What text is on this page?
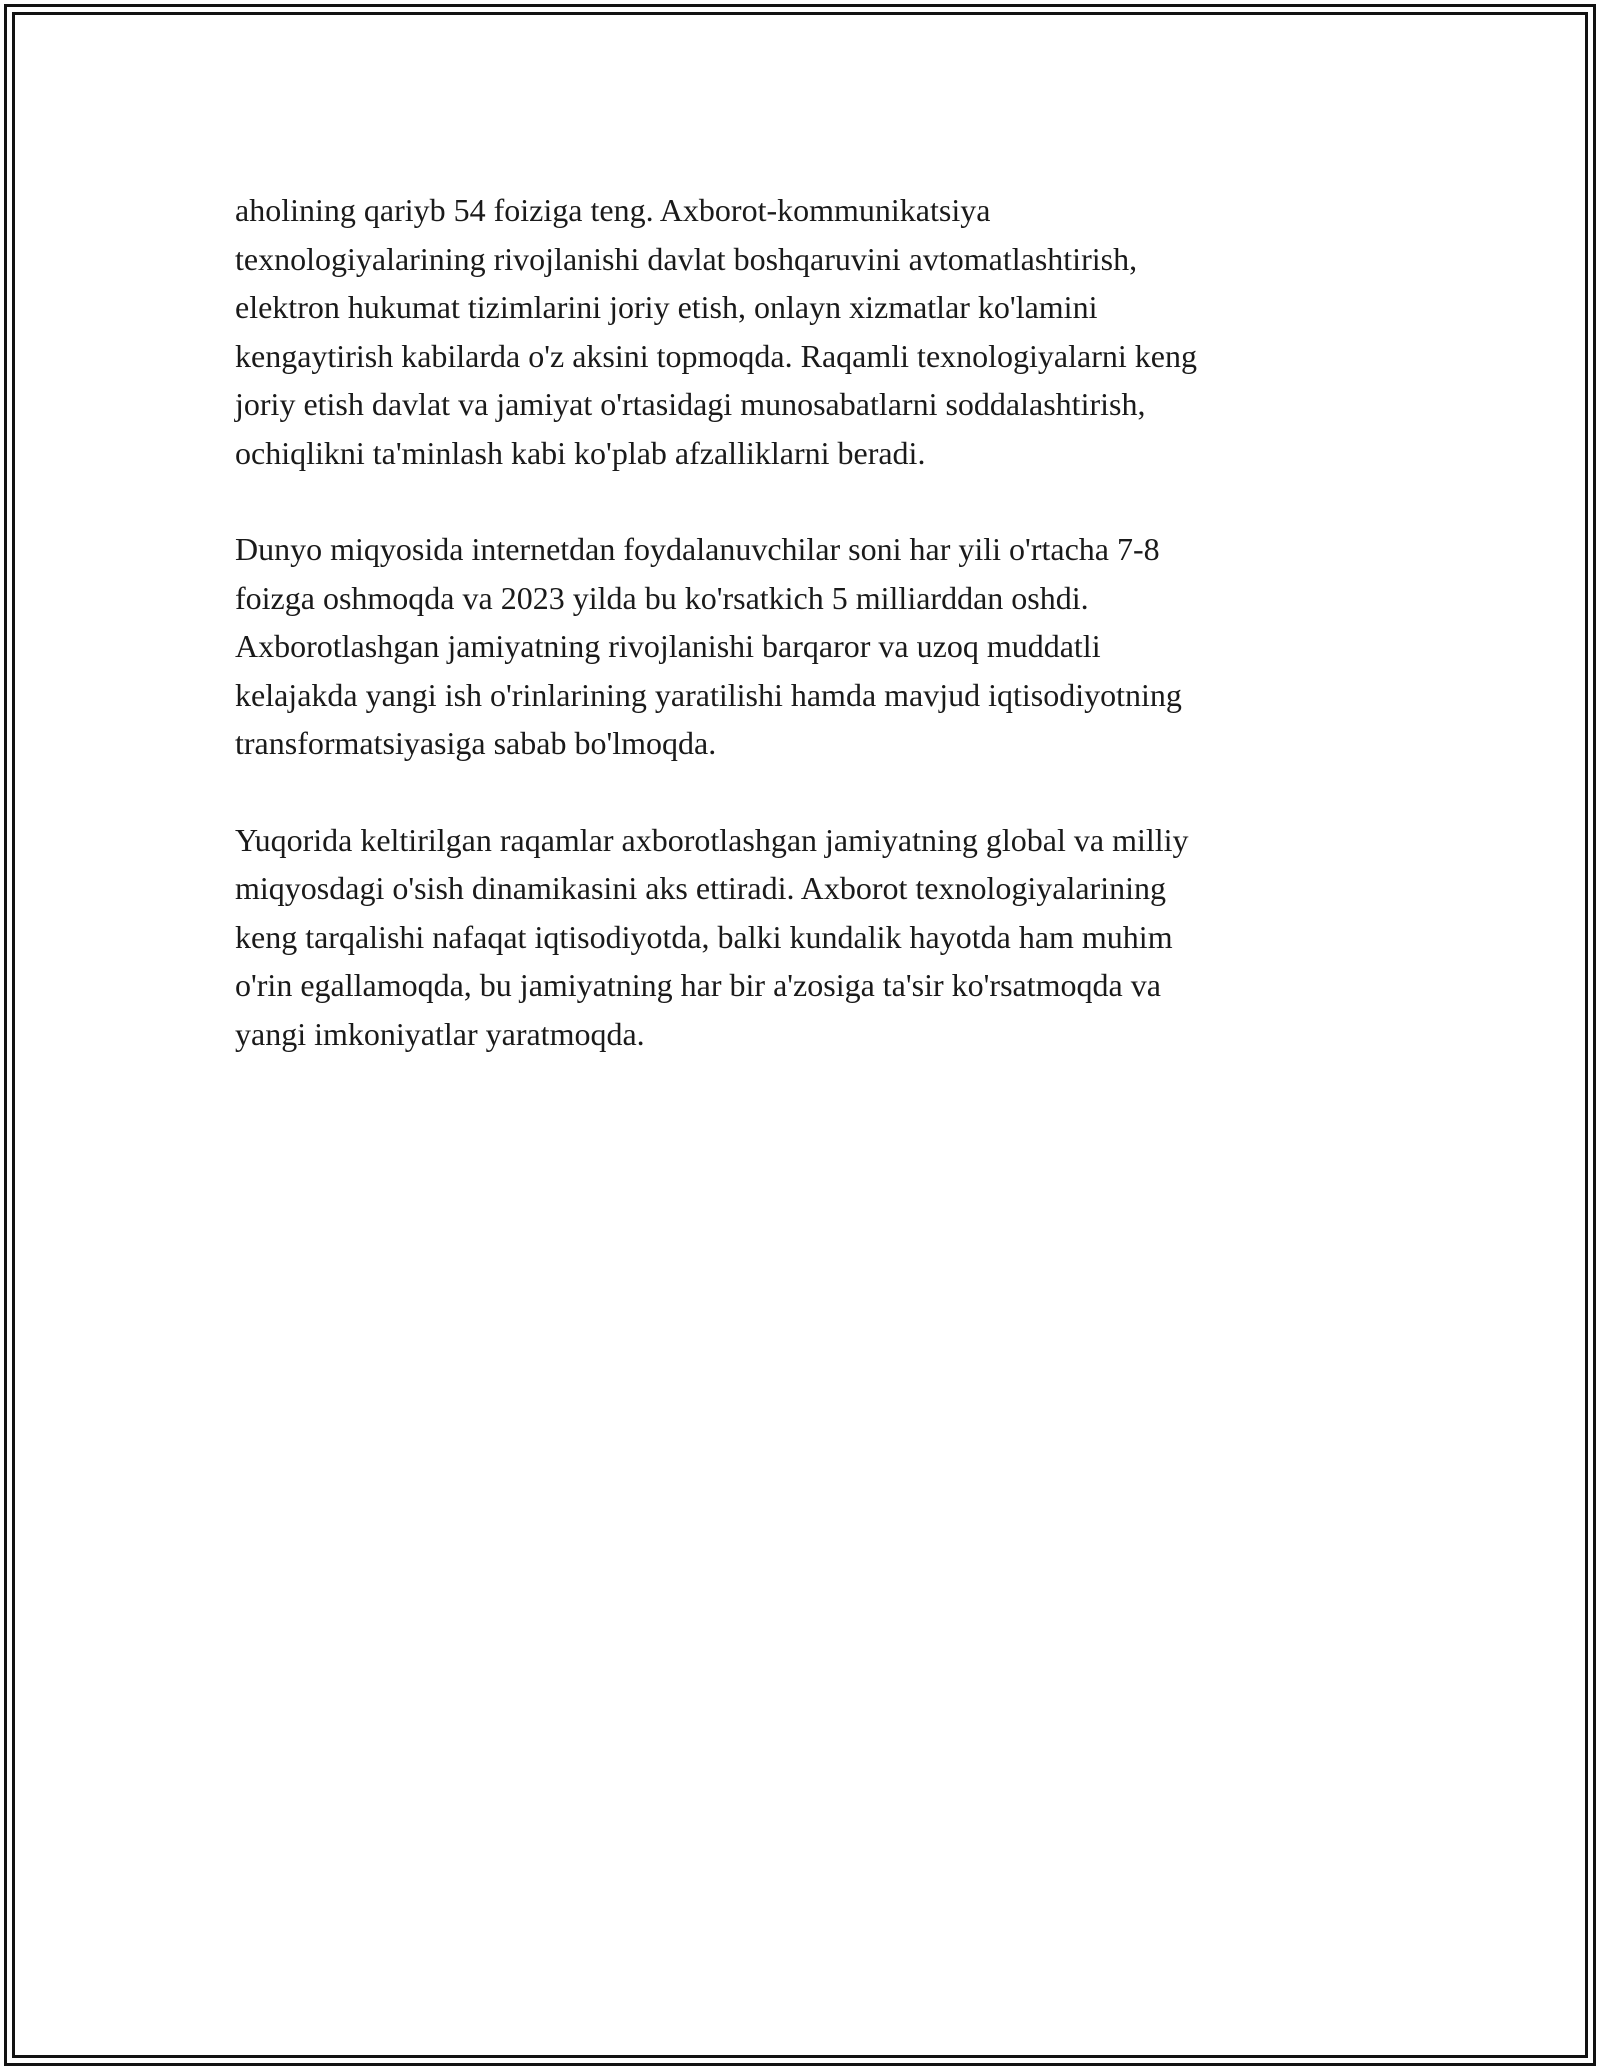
aholining qariyb 54 foiziga teng. Axborot-kommunikatsiya
texnologiyalarining rivojlanishi davlat boshqaruvini avtomatlashtirish,
elektron hukumat tizimlarini joriy etish, onlayn xizmatlar ko'lamini
kengaytirish kabilarda o'z aksini topmoqda. Raqamli texnologiyalarni keng
joriy etish davlat va jamiyat o'rtasidagi munosabatlarni soddalashtirish,
ochiqlikni ta'minlash kabi ko'plab afzalliklarni beradi.

Dunyo miqyosida internetdan foydalanuvchilar soni har yili o'rtacha 7-8
foizga oshmoqda va 2023 yilda bu ko'rsatkich 5 milliarddan oshdi.
Axborotlashgan jamiyatning rivojlanishi barqaror va uzoq muddatli
kelajakda yangi ish o'rinlarining yaratilishi hamda mavjud iqtisodiyotning
transformatsiyasiga sabab bo'lmoqda.

Yuqorida keltirilgan raqamlar axborotlashgan jamiyatning global va milliy
miqyosdagi o'sish dinamikasini aks ettiradi. Axborot texnologiyalarining
keng tarqalishi nafaqat iqtisodiyotda, balki kundalik hayotda ham muhim
o'rin egallamoqda, bu jamiyatning har bir a'zosiga ta'sir ko'rsatmoqda va
yangi imkoniyatlar yaratmoqda.
